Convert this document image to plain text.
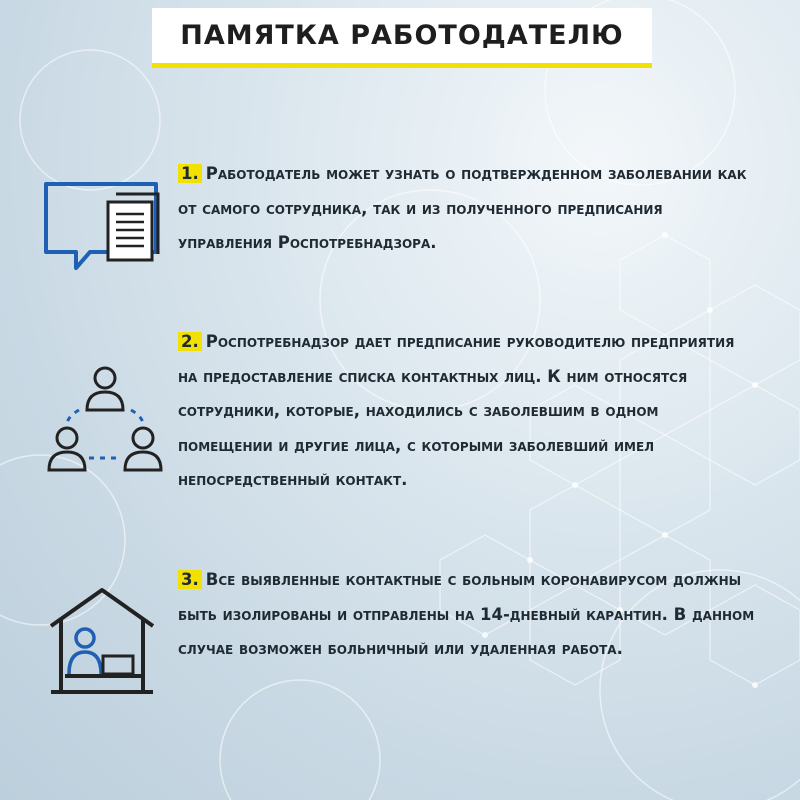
ПАМЯТКА РАБОТОДАТЕЛЮ

1. Работодатель может узнать о подтвержденном заболевании как от самого сотрудника, так и из полученного предписания управления Роспотребнадзора.

2. Роспотребнадзор дает предписание руководителю предприятия на предоставление списка контактных лиц. К ним относятся сотрудники, которые, находились с заболевшим в одном помещении и другие лица, с которыми заболевший имел непосредственный контакт.

3. Все выявленные контактные с больным коронавирусом должны быть изолированы и отправлены на 14-дневный карантин. В данном случае возможен больничный или удаленная работа.
